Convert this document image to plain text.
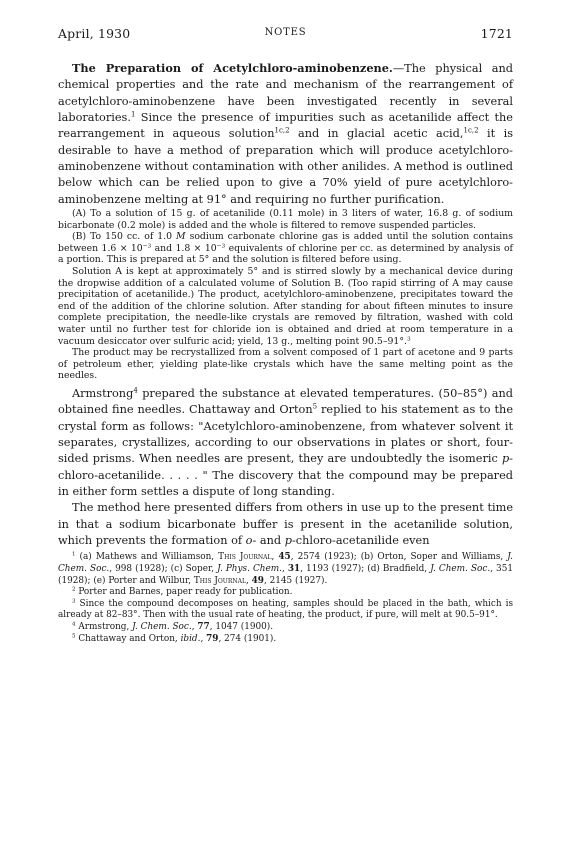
April, 1930	NOTES	1721

The Preparation of Acetylchloro-aminobenzene.—The physical and chemical properties and the rate and mechanism of the rearrangement of acetylchloro-aminobenzene have been investigated recently in several laboratories.$^1$ Since the presence of impurities such as acetanilide affect the rearrangement in aqueous solution$^{1c,2}$ and in glacial acetic acid,$^{1c,2}$ it is desirable to have a method of preparation which will produce acetylchloro-aminobenzene without contamination with other anilides. A method is outlined below which can be relied upon to give a 70% yield of pure acetylchloro-aminobenzene melting at 91° and requiring no further purification.

(A) To a solution of 15 g. of acetanilide (0.11 mole) in 3 liters of water, 16.8 g. of sodium bicarbonate (0.2 mole) is added and the whole is filtered to remove suspended particles.

(B) To 150 cc. of 1.0 M sodium carbonate chlorine gas is added until the solution contains between $1.6 \times 10^{-3}$ and $1.8 \times 10^{-3}$ equivalents of chlorine per cc. as determined by analysis of a portion. This is prepared at 5° and the solution is filtered before using.

Solution A is kept at approximately 5° and is stirred slowly by a mechanical device during the dropwise addition of a calculated volume of Solution B. (Too rapid stirring of A may cause precipitation of acetanilide.) The product, acetylchloro-aminobenzene, precipitates toward the end of the addition of the chlorine solution. After standing for about fifteen minutes to insure complete precipitation, the needle-like crystals are removed by filtration, washed with cold water until no further test for chloride ion is obtained and dried at room temperature in a vacuum desiccator over sulfuric acid; yield, 13 g., melting point 90.5–91°.$^3$

The product may be recrystallized from a solvent composed of 1 part of acetone and 9 parts of petroleum ether, yielding plate-like crystals which have the same melting point as the needles.

Armstrong$^4$ prepared the substance at elevated temperatures. (50–85°) and obtained fine needles. Chattaway and Orton$^5$ replied to his statement as to the crystal form as follows: "Acetylchloro-aminobenzene, from whatever solvent it separates, crystallizes, according to our observations in plates or short, four-sided prisms. When needles are present, they are undoubtedly the isomeric p-chloro-acetanilide. . . . . " The discovery that the compound may be prepared in either form settles a dispute of long standing.

The method here presented differs from others in use up to the present time in that a sodium bicarbonate buffer is present in the acetanilide solution, which prevents the formation of o- and p-chloro-acetanilide even

$^1$ (a) Mathews and Williamson, This Journal, 45, 2574 (1923); (b) Orton, Soper and Williams, J. Chem. Soc., 998 (1928); (c) Soper, J. Phys. Chem., 31, 1193 (1927); (d) Bradfield, J. Chem. Soc., 351 (1928); (e) Porter and Wilbur, This Journal, 49, 2145 (1927).

$^2$ Porter and Barnes, paper ready for publication.

$^3$ Since the compound decomposes on heating, samples should be placed in the bath, which is already at 82–83°. Then with the usual rate of heating, the product, if pure, will melt at 90.5–91°.

$^4$ Armstrong, J. Chem. Soc., 77, 1047 (1900).

$^5$ Chattaway and Orton, ibid., 79, 274 (1901).
